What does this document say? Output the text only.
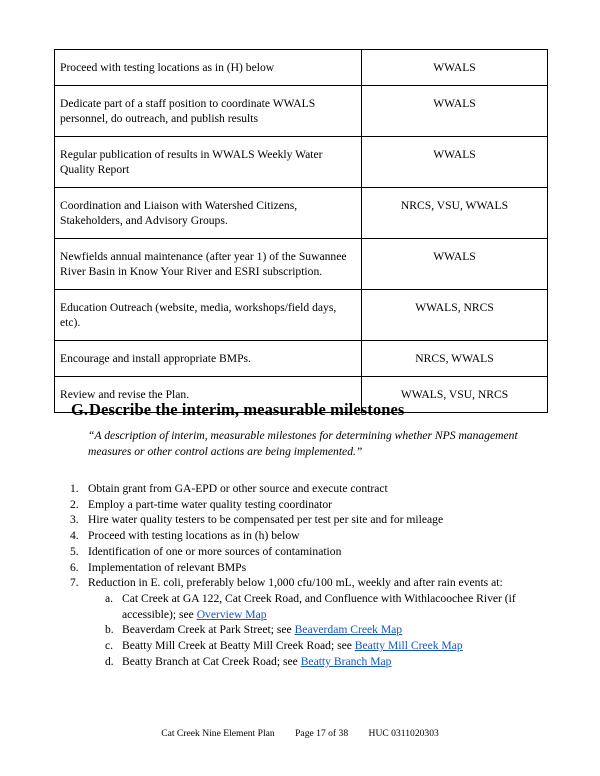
Proceed with testing locations as in (H) below	WWALS
Dedicate part of a staff position to coordinate WWALS personnel, do outreach, and publish results	WWALS
Regular publication of results in WWALS Weekly Water Quality Report	WWALS
Coordination and Liaison with Watershed Citizens, Stakeholders, and Advisory Groups.	NRCS, VSU, WWALS
Newfields annual maintenance (after year 1) of the Suwannee River Basin in Know Your River and ESRI subscription.	WWALS
Education Outreach (website, media, workshops/field days, etc).	WWALS, NRCS
Encourage and install appropriate BMPs.	NRCS, WWALS
Review and revise the Plan.	WWALS, VSU, NRCS
G.Describe the interim, measurable milestones

“A description of interim, measurable milestones for determining whether NPS management measures or other control actions are being implemented.”

1. Obtain grant from GA-EPD or other source and execute contract
2. Employ a part-time water quality testing coordinator
3. Hire water quality testers to be compensated per test per site and for mileage
4. Proceed with testing locations as in (h) below
5. Identification of one or more sources of contamination
6. Implementation of relevant BMPs
7. Reduction in E. coli, preferably below 1,000 cfu/100 mL, weekly and after rain events at:
a. Cat Creek at GA 122, Cat Creek Road, and Confluence with Withlacoochee River (if accessible); see Overview Map
b. Beaverdam Creek at Park Street; see Beaverdam Creek Map
c. Beatty Mill Creek at Beatty Mill Creek Road; see Beatty Mill Creek Map
d. Beatty Branch at Cat Creek Road; see Beatty Branch Map
Cat Creek Nine Element Plan Page 17 of 38 HUC 0311020303
